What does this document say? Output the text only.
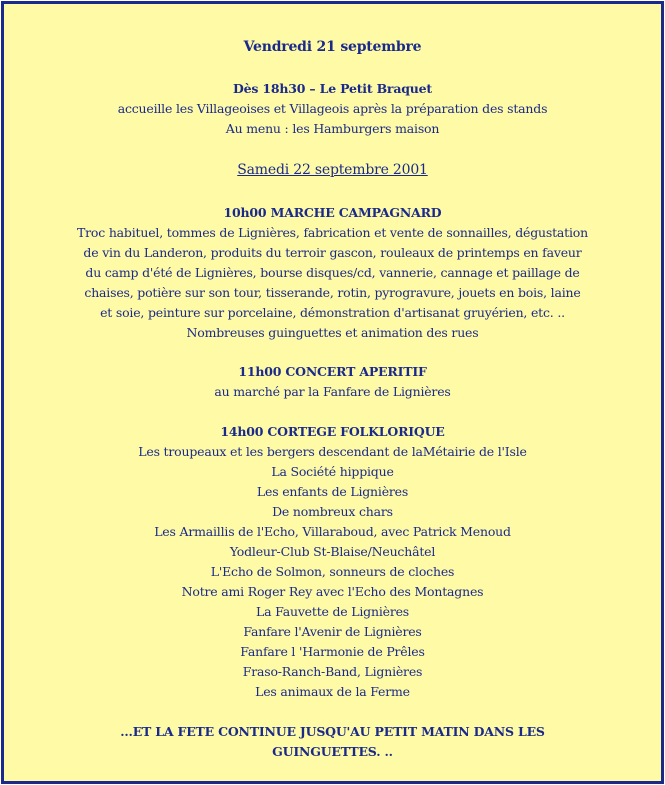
Vendredi 21 septembre
Dès 18h30 – Le Petit Braquet
accueille les Villageoises et Villageois après la préparation des stands
Au menu : les Hamburgers maison
Samedi 22 septembre 2001
10h00 MARCHE CAMPAGNARD
Troc habituel, tommes de Lignières, fabrication et vente de sonnailles, dégustation
de vin du Landeron, produits du terroir gascon, rouleaux de printemps en faveur
du camp d'été de Lignières, bourse disques/cd, vannerie, cannage et paillage de
chaises, potière sur son tour, tisserande, rotin, pyrogravure, jouets en bois, laine
et soie, peinture sur porcelaine, démonstration d'artisanat gruyérien, etc. ..
Nombreuses guinguettes et animation des rues
11h00 CONCERT APERITIF
au marché par la Fanfare de Lignières
14h00 CORTEGE FOLKLORIQUE
Les troupeaux et les bergers descendant de laMétairie de l'Isle
La Société hippique
Les enfants de Lignières
De nombreux chars
Les Armaillis de l'Echo, Villaraboud, avec Patrick Menoud
Yodleur-Club St-Blaise/Neuchâtel
L'Echo de Solmon, sonneurs de cloches
Notre ami Roger Rey avec l'Echo des Montagnes
La Fauvette de Lignières
Fanfare l'Avenir de Lignières
Fanfare l 'Harmonie de Prêles
Fraso-Ranch-Band, Lignières
Les animaux de la Ferme
...ET LA FETE CONTINUE JUSQU'AU PETIT MATIN DANS LES
GUINGUETTES. ..
